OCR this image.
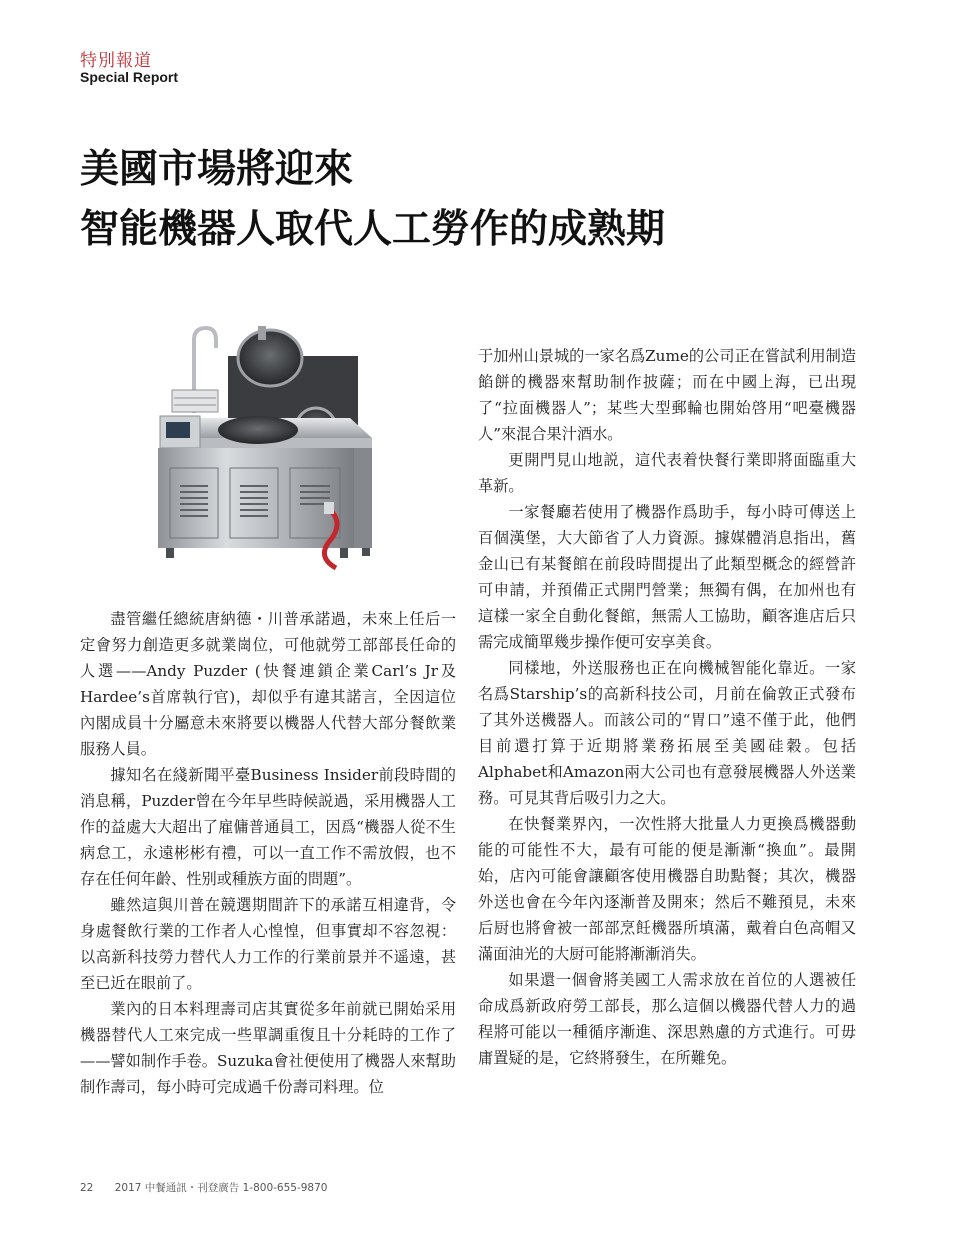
特別報道
Special Report
美國市場將迎來
智能機器人取代人工勞作的成熟期

盡管繼任總統唐納德・川普承諾過，未來上任后一定會努力創造更多就業崗位，可他就勞工部部長任命的人選——Andy Puzder (快餐連鎖企業Carl’s Jr及Hardee’s首席執行官)，却似乎有違其諾言，全因這位內閣成員十分屬意未來將要以機器人代替大部分餐飲業服務人員。

據知名在綫新聞平臺Business Insider前段時間的消息稱，Puzder曾在今年早些時候説過，采用機器人工作的益處大大超出了雇傭普通員工，因爲“機器人從不生病怠工，永遠彬彬有禮，可以一直工作不需放假，也不存在任何年齡、性别或種族方面的問題”。

雖然這與川普在競選期間許下的承諾互相違背，令身處餐飲行業的工作者人心惶惶，但事實却不容忽視：以高新科技勞力替代人力工作的行業前景并不遥遠，甚至已近在眼前了。

業內的日本料理壽司店其實從多年前就已開始采用機器替代人工來完成一些單調重復且十分耗時的工作了——譬如制作手卷。Suzuka會社便使用了機器人來幫助制作壽司，每小時可完成過千份壽司料理。位

于加州山景城的一家名爲Zume的公司正在嘗試利用制造餡餅的機器來幫助制作披薩；而在中國上海，已出現了“拉面機器人”；某些大型郵輪也開始啓用“吧臺機器人”來混合果汁酒水。

更開門見山地説，這代表着快餐行業即將面臨重大革新。

一家餐廳若使用了機器作爲助手，每小時可傳送上百個漢堡，大大節省了人力資源。據媒體消息指出，舊金山已有某餐館在前段時間提出了此類型概念的經營許可申請，并預備正式開門營業；無獨有偶，在加州也有這樣一家全自動化餐館，無需人工協助，顧客進店后只需完成簡單幾步操作便可安享美食。

同樣地，外送服務也正在向機械智能化靠近。一家名爲Starship’s的高新科技公司，月前在倫敦正式發布了其外送機器人。而該公司的“胃口”遠不僅于此，他們目前還打算于近期將業務拓展至美國硅穀。包括Alphabet和Amazon兩大公司也有意發展機器人外送業務。可見其背后吸引力之大。

在快餐業界內，一次性將大批量人力更換爲機器動能的可能性不大，最有可能的便是漸漸“換血”。最開始，店內可能會讓顧客使用機器自助點餐；其次，機器外送也會在今年內逐漸普及開來；然后不難預見，未來后厨也將會被一部部烹飪機器所填滿，戴着白色高帽又滿面油光的大厨可能將漸漸消失。

如果還一個會將美國工人需求放在首位的人選被任命成爲新政府勞工部長，那么這個以機器代替人力的過程將可能以一種循序漸進、深思熟慮的方式進行。可毋庸置疑的是，它終將發生，在所難免。

22 2017 中餐通訊・刊登廣告 1-800-655-9870
